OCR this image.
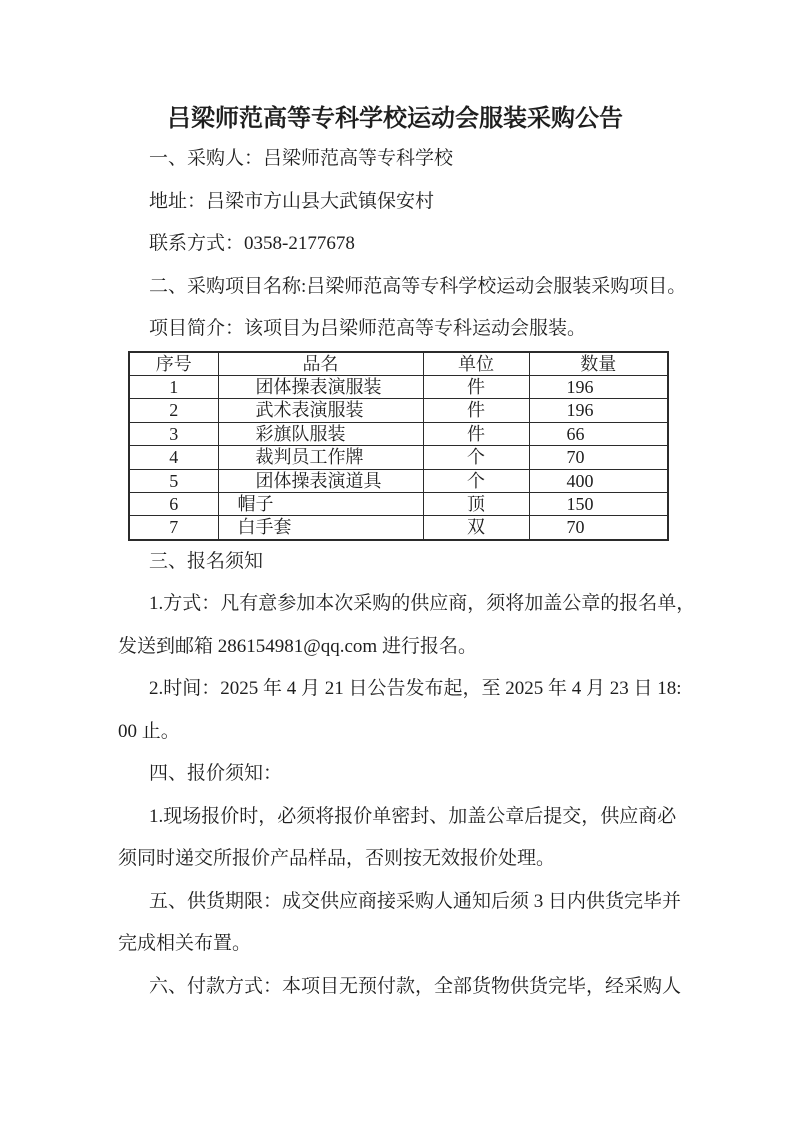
吕梁师范高等专科学校运动会服装采购公告
一、采购人：吕梁师范高等专科学校
地址：吕梁市方山县大武镇保安村
联系方式：0358-2177678
二、采购项目名称:吕梁师范高等专科学校运动会服装采购项目。
项目简介：该项目为吕梁师范高等专科运动会服装。
序号	品名	单位	数量
1	　团体操表演服装	件	196
2	　武术表演服装	件	196
3	　彩旗队服装	件	66
4	　裁判员工作牌	个	70
5	　团体操表演道具	个	400
6	帽子	顶	150
7	白手套	双	70
三、报名须知
1.方式：凡有意参加本次采购的供应商，须将加盖公章的报名单，
发送到邮箱 286154981@qq.com 进行报名。
2.时间：2025 年 4 月 21 日公告发布起，至 2025 年 4 月 23 日 18:
00 止。
四、报价须知：
1.现场报价时，必须将报价单密封、加盖公章后提交，供应商必
须同时递交所报价产品样品，否则按无效报价处理。
五、供货期限：成交供应商接采购人通知后须 3 日内供货完毕并
完成相关布置。
六、付款方式：本项目无预付款，全部货物供货完毕，经采购人
